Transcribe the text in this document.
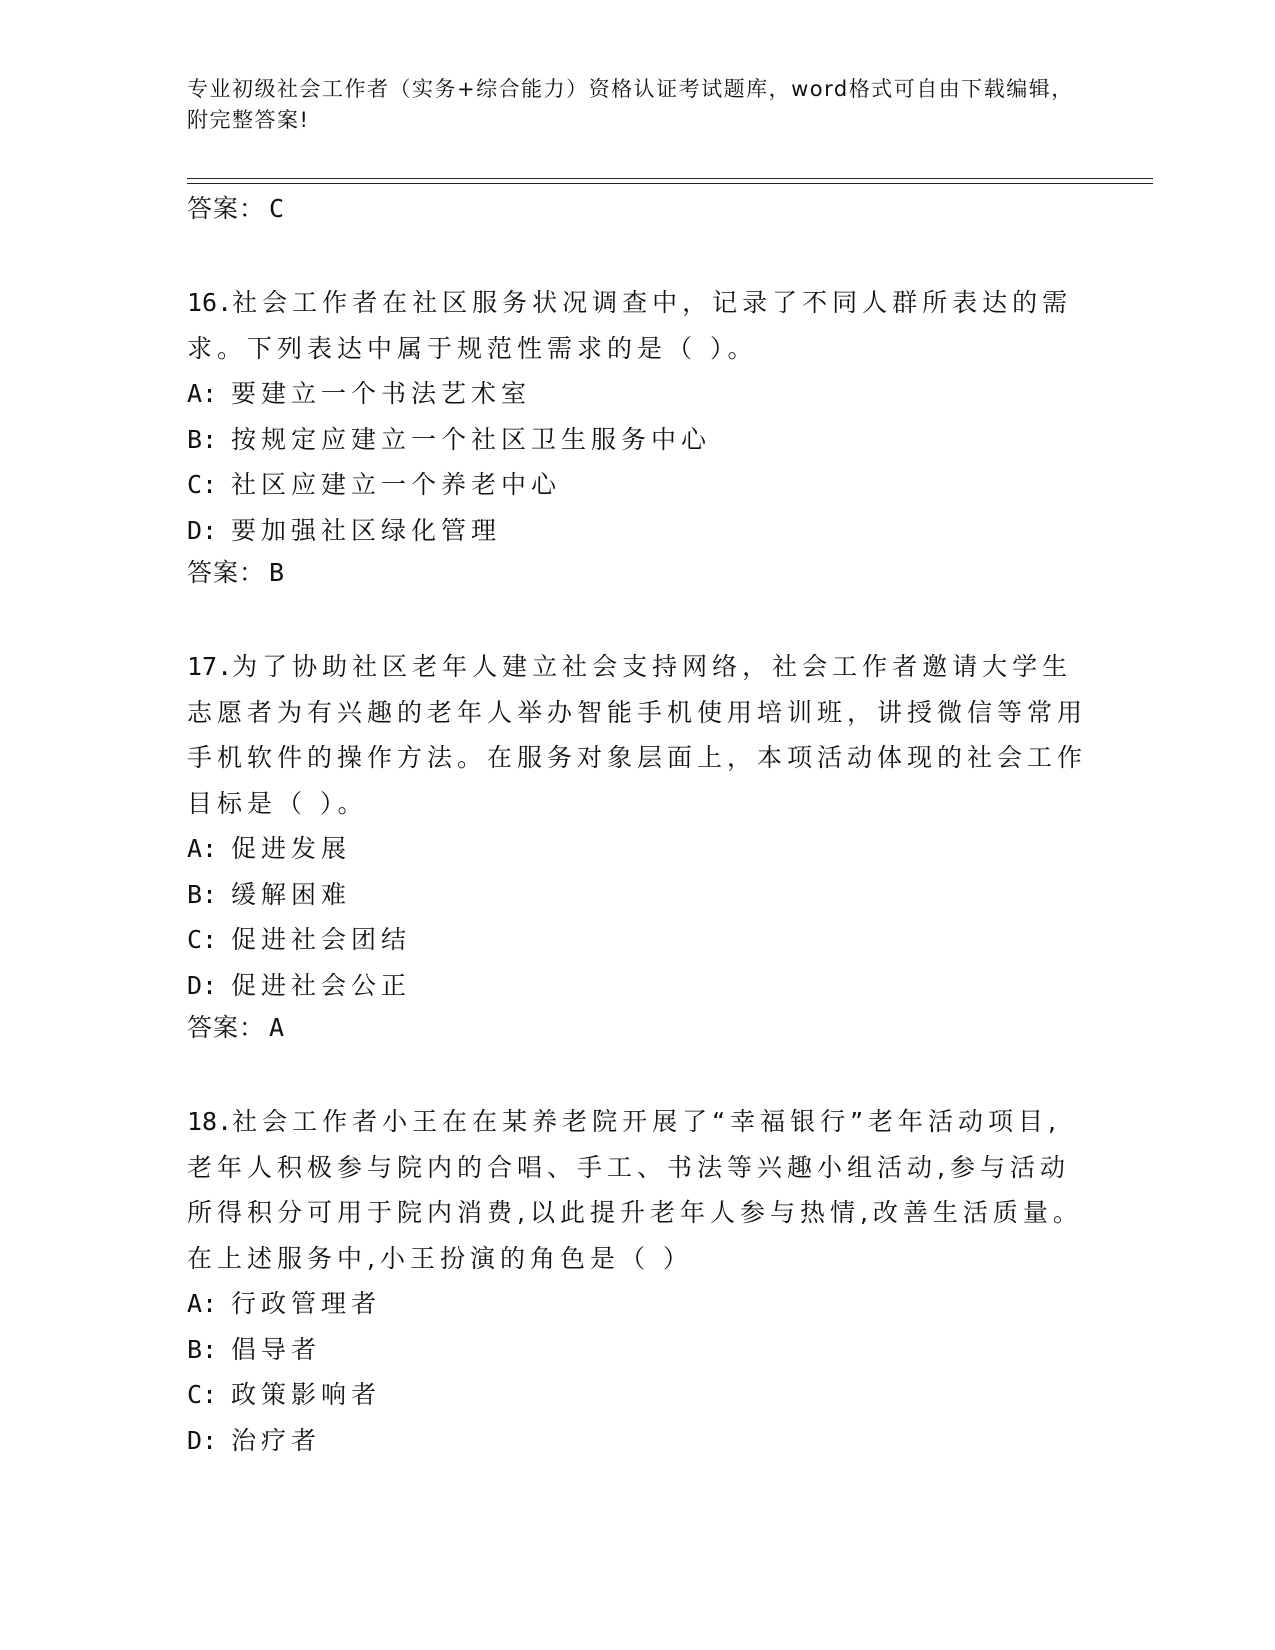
专业初级社会工作者（实务+综合能力）资格认证考试题库，word格式可自由下载编辑，附完整答案!
答案： C
16.社会工作者在社区服务状况调查中，记录了不同人群所表达的需求。下列表达中属于规范性需求的是（ ）。
A: 要建立一个书法艺术室
B: 按规定应建立一个社区卫生服务中心
C: 社区应建立一个养老中心
D: 要加强社区绿化管理
答案： B
17.为了协助社区老年人建立社会支持网络，社会工作者邀请大学生志愿者为有兴趣的老年人举办智能手机使用培训班，讲授微信等常用手机软件的操作方法。在服务对象层面上，本项活动体现的社会工作目标是（ ）。
A: 促进发展
B: 缓解困难
C: 促进社会团结
D: 促进社会公正
答案： A
18.社会工作者小王在在某养老院开展了“幸福银行”老年活动项目,老年人积极参与院内的合唱、手工、书法等兴趣小组活动,参与活动所得积分可用于院内消费,以此提升老年人参与热情,改善生活质量。在上述服务中,小王扮演的角色是（ ）
A: 行政管理者
B: 倡导者
C: 政策影响者
D: 治疗者
